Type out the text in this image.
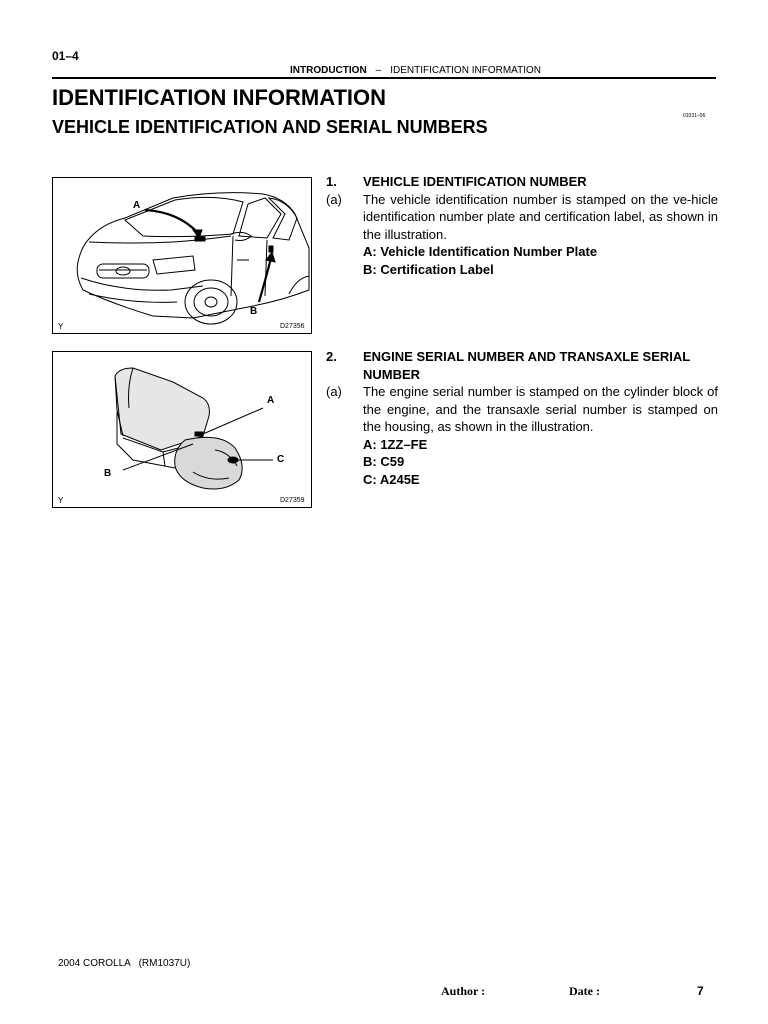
01–4
INTRODUCTION – IDENTIFICATION INFORMATION
IDENTIFICATION INFORMATION
VEHICLE IDENTIFICATION AND SERIAL NUMBERS
01031–06
A
B
Y	D27356
A
B
C
Y	D27359
1.	VEHICLE IDENTIFICATION NUMBER
(a)	The vehicle identification number is stamped on the ve-hicle identification number plate and certification label, as shown in the illustration.
A: Vehicle Identification Number Plate
B: Certification Label
2.	ENGINE SERIAL NUMBER AND TRANSAXLE SERIAL NUMBER
(a)	The engine serial number is stamped on the cylinder block of the engine, and the transaxle serial number is stamped on the housing, as shown in the illustration.
A: 1ZZ–FE
B: C59
C: A245E
2004 COROLLA   (RM1037U)
Author :	Date :	7
